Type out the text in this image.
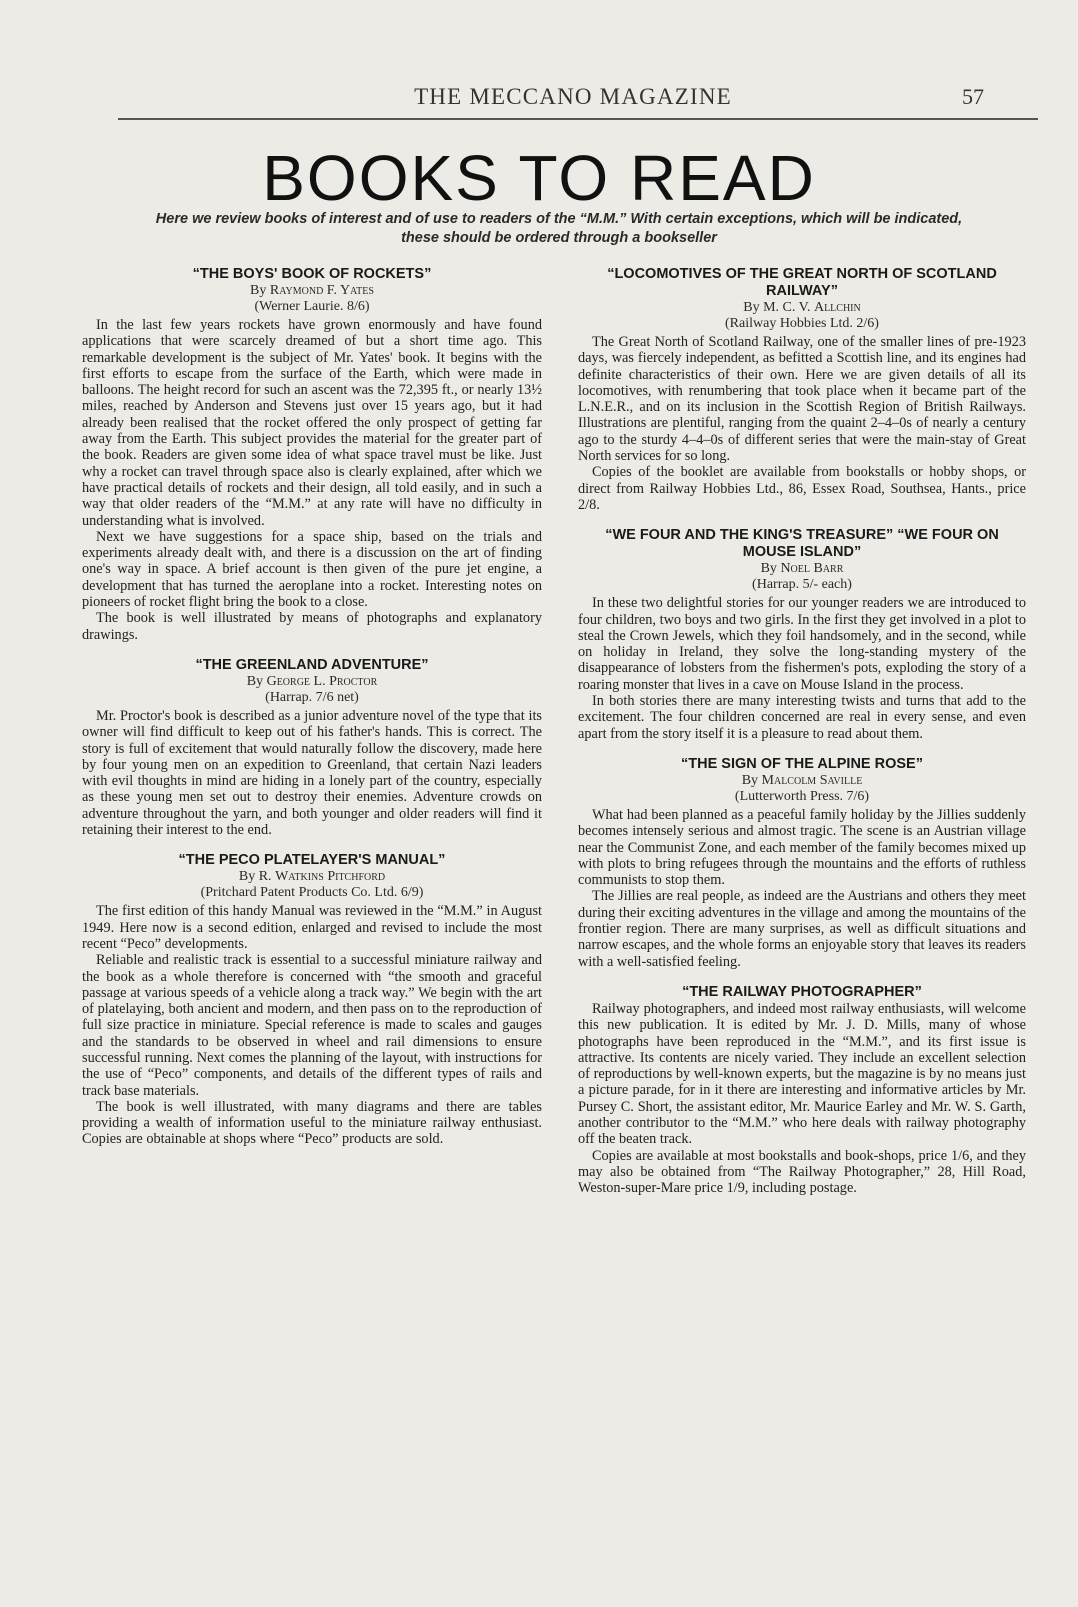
THE MECCANO MAGAZINE	57
BOOKS TO READ
Here we review books of interest and of use to readers of the “M.M.” With certain exceptions, which will be indicated, these should be ordered through a bookseller
“THE BOYS' BOOK OF ROCKETS”

By Raymond F. Yates

(Werner Laurie. 8/6)

In the last few years rockets have grown enormously and have found applications that were scarcely dreamed of but a short time ago. This remarkable development is the subject of Mr. Yates' book. It begins with the first efforts to escape from the surface of the Earth, which were made in balloons. The height record for such an ascent was the 72,395 ft., or nearly 13½ miles, reached by Anderson and Stevens just over 15 years ago, but it had already been realised that the rocket offered the only prospect of getting far away from the Earth. This subject provides the material for the greater part of the book. Readers are given some idea of what space travel must be like. Just why a rocket can travel through space also is clearly explained, after which we have practical details of rockets and their design, all told easily, and in such a way that older readers of the “M.M.” at any rate will have no difficulty in understanding what is involved.

Next we have suggestions for a space ship, based on the trials and experiments already dealt with, and there is a discussion on the art of finding one's way in space. A brief account is then given of the pure jet engine, a development that has turned the aeroplane into a rocket. Interesting notes on pioneers of rocket flight bring the book to a close.

The book is well illustrated by means of photographs and explanatory drawings.

“THE GREENLAND ADVENTURE”

By George L. Proctor

(Harrap. 7/6 net)

Mr. Proctor's book is described as a junior adventure novel of the type that its owner will find difficult to keep out of his father's hands. This is correct. The story is full of excitement that would naturally follow the discovery, made here by four young men on an expedition to Greenland, that certain Nazi leaders with evil thoughts in mind are hiding in a lonely part of the country, especially as these young men set out to destroy their enemies. Adventure crowds on adventure throughout the yarn, and both younger and older readers will find it retaining their interest to the end.

“THE PECO PLATELAYER'S MANUAL”

By R. Watkins Pitchford

(Pritchard Patent Products Co. Ltd. 6/9)

The first edition of this handy Manual was reviewed in the “M.M.” in August 1949. Here now is a second edition, enlarged and revised to include the most recent “Peco” developments.

Reliable and realistic track is essential to a successful miniature railway and the book as a whole therefore is concerned with “the smooth and graceful passage at various speeds of a vehicle along a track way.” We begin with the art of platelaying, both ancient and modern, and then pass on to the reproduction of full size practice in miniature. Special reference is made to scales and gauges and the standards to be observed in wheel and rail dimensions to ensure successful running. Next comes the planning of the layout, with instructions for the use of “Peco” components, and details of the different types of rails and track base materials.

The book is well illustrated, with many diagrams and there are tables providing a wealth of information useful to the miniature railway enthusiast. Copies are obtainable at shops where “Peco” products are sold.

“LOCOMOTIVES OF THE GREAT NORTH OF SCOTLAND RAILWAY”

By M. C. V. Allchin

(Railway Hobbies Ltd. 2/6)

The Great North of Scotland Railway, one of the smaller lines of pre-1923 days, was fiercely independent, as befitted a Scottish line, and its engines had definite characteristics of their own. Here we are given details of all its locomotives, with renumbering that took place when it became part of the L.N.E.R., and on its inclusion in the Scottish Region of British Railways. Illustrations are plentiful, ranging from the quaint 2–4–0s of nearly a century ago to the sturdy 4–4–0s of different series that were the main-stay of Great North services for so long.

Copies of the booklet are available from bookstalls or hobby shops, or direct from Railway Hobbies Ltd., 86, Essex Road, Southsea, Hants., price 2/8.

“WE FOUR AND THE KING'S TREASURE” “WE FOUR ON MOUSE ISLAND”

By Noel Barr

(Harrap. 5/- each)

In these two delightful stories for our younger readers we are introduced to four children, two boys and two girls. In the first they get involved in a plot to steal the Crown Jewels, which they foil handsomely, and in the second, while on holiday in Ireland, they solve the long-standing mystery of the disappearance of lobsters from the fishermen's pots, exploding the story of a roaring monster that lives in a cave on Mouse Island in the process.

In both stories there are many interesting twists and turns that add to the excitement. The four children concerned are real in every sense, and even apart from the story itself it is a pleasure to read about them.

“THE SIGN OF THE ALPINE ROSE”

By Malcolm Saville

(Lutterworth Press. 7/6)

What had been planned as a peaceful family holiday by the Jillies suddenly becomes intensely serious and almost tragic. The scene is an Austrian village near the Communist Zone, and each member of the family becomes mixed up with plots to bring refugees through the mountains and the efforts of ruthless communists to stop them.

The Jillies are real people, as indeed are the Austrians and others they meet during their exciting adventures in the village and among the mountains of the frontier region. There are many surprises, as well as difficult situations and narrow escapes, and the whole forms an enjoyable story that leaves its readers with a well-satisfied feeling.

“THE RAILWAY PHOTOGRAPHER”

Railway photographers, and indeed most railway enthusiasts, will welcome this new publication. It is edited by Mr. J. D. Mills, many of whose photographs have been reproduced in the “M.M.”, and its first issue is attractive. Its contents are nicely varied. They include an excellent selection of reproductions by well-known experts, but the magazine is by no means just a picture parade, for in it there are interesting and informative articles by Mr. Pursey C. Short, the assistant editor, Mr. Maurice Earley and Mr. W. S. Garth, another contributor to the “M.M.” who here deals with railway photography off the beaten track.

Copies are available at most bookstalls and book-shops, price 1/6, and they may also be obtained from “The Railway Photographer,” 28, Hill Road, Weston-super-Mare price 1/9, including postage.
